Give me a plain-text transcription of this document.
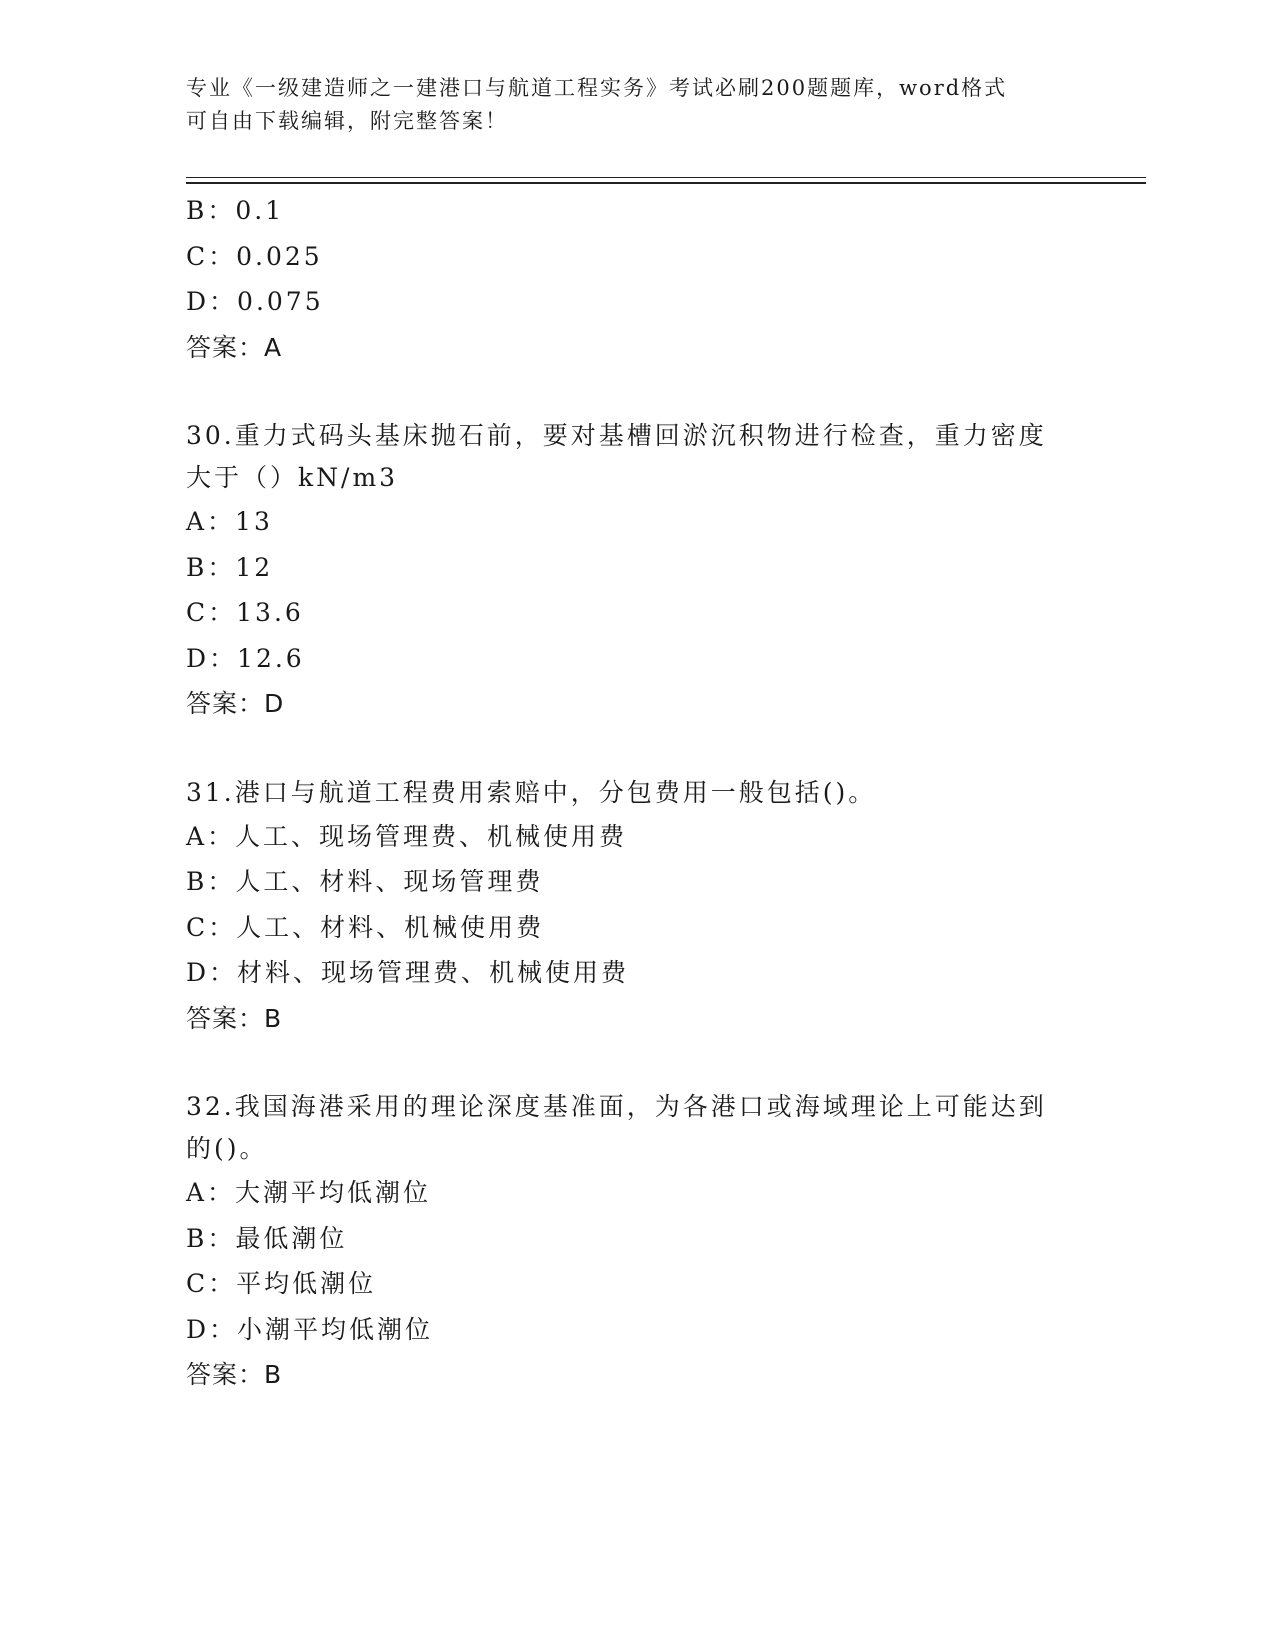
专业《一级建造师之一建港口与航道工程实务》考试必刷200题题库，word格式
可自由下载编辑，附完整答案！
B：0.1
C：0.025
D：0.075
答案：A
30.重力式码头基床抛石前，要对基槽回淤沉积物进行检查，重力密度
大于（）kN/m3
A：13
B：12
C：13.6
D：12.6
答案：D
31.港口与航道工程费用索赔中，分包费用一般包括()。
A：人工、现场管理费、机械使用费
B：人工、材料、现场管理费
C：人工、材料、机械使用费
D：材料、现场管理费、机械使用费
答案：B
32.我国海港采用的理论深度基准面，为各港口或海域理论上可能达到
的()。
A：大潮平均低潮位
B：最低潮位
C：平均低潮位
D：小潮平均低潮位
答案：B
